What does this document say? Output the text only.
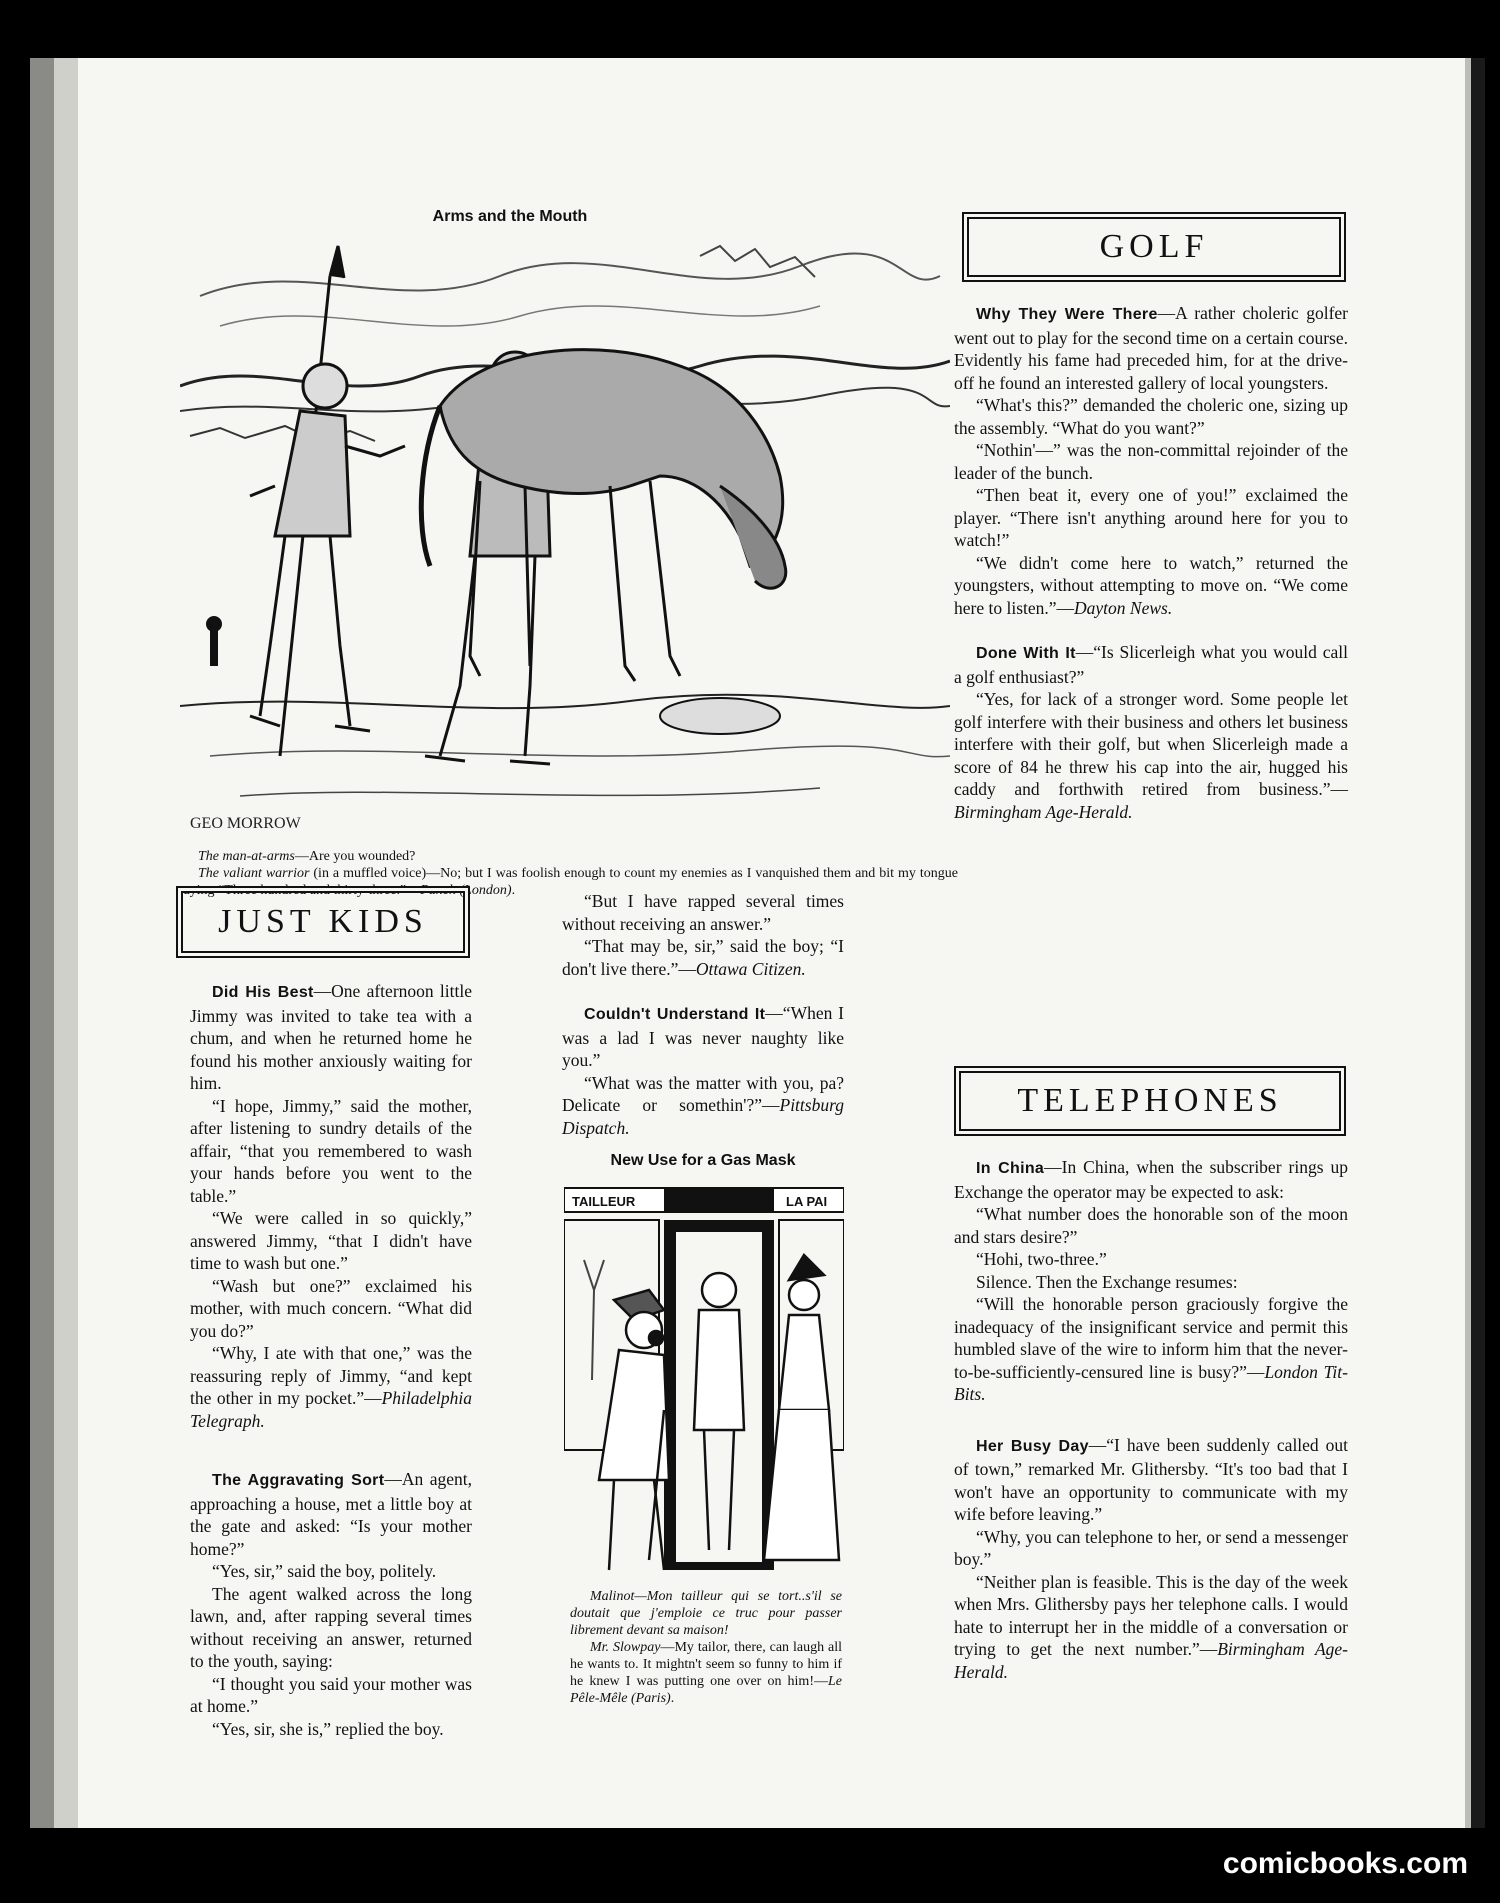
Arms and the Mouth
GEO MORROW

The man-at-arms—Are you wounded?

The valiant warrior (in a muffled voice)—No; but I was foolish enough to count my enemies as I vanquished them and bit my tongue saying “Three hundred and thirty-three.”—Punch (London).

JUST KIDS

Did His Best—One afternoon little Jimmy was invited to take tea with a chum, and when he returned home he found his mother anxiously waiting for him.

“I hope, Jimmy,” said the mother, after listening to sundry details of the affair, “that you remembered to wash your hands before you went to the table.”

“We were called in so quickly,” answered Jimmy, “that I didn't have time to wash but one.”

“Wash but one?” exclaimed his mother, with much concern. “What did you do?”

“Why, I ate with that one,” was the reassuring reply of Jimmy, “and kept the other in my pocket.”—Philadelphia Telegraph.

The Aggravating Sort—An agent, approaching a house, met a little boy at the gate and asked: “Is your mother home?”

“Yes, sir,” said the boy, politely.

The agent walked across the long lawn, and, after rapping several times without receiving an answer, returned to the youth, saying:

“I thought you said your mother was at home.”

“Yes, sir, she is,” replied the boy.

“But I have rapped several times without receiving an answer.”

“That may be, sir,” said the boy; “I don't live there.”—Ottawa Citizen.

Couldn't Understand It—“When I was a lad I was never naughty like you.”

“What was the matter with you, pa? Delicate or somethin'?”—Pittsburg Dispatch.

New Use for a Gas Mask
TAILLEUR	LA PAI

Malinot—Mon tailleur qui se tort..s'il se doutait que j'emploie ce truc pour passer librement devant sa maison!

Mr. Slowpay—My tailor, there, can laugh all he wants to. It mightn't seem so funny to him if he knew I was putting one over on him!—Le Pêle-Mêle (Paris).

GOLF

Why They Were There—A rather choleric golfer went out to play for the second time on a certain course. Evidently his fame had preceded him, for at the drive-off he found an interested gallery of local youngsters.

“What's this?” demanded the choleric one, sizing up the assembly. “What do you want?”

“Nothin'—” was the non-committal rejoinder of the leader of the bunch.

“Then beat it, every one of you!” exclaimed the player. “There isn't anything around here for you to watch!”

“We didn't come here to watch,” returned the youngsters, without attempting to move on. “We come here to listen.”—Dayton News.

Done With It—“Is Slicerleigh what you would call a golf enthusiast?”

“Yes, for lack of a stronger word. Some people let golf interfere with their business and others let business interfere with their golf, but when Slicerleigh made a score of 84 he threw his cap into the air, hugged his caddy and forthwith retired from business.”—Birmingham Age-Herald.

TELEPHONES

In China—In China, when the subscriber rings up Exchange the operator may be expected to ask:

“What number does the honorable son of the moon and stars desire?”

“Hohi, two-three.”

Silence. Then the Exchange resumes:

“Will the honorable person graciously forgive the inadequacy of the insignificant service and permit this humbled slave of the wire to inform him that the never-to-be-sufficiently-censured line is busy?”—London Tit-Bits.

Her Busy Day—“I have been suddenly called out of town,” remarked Mr. Glithersby. “It's too bad that I won't have an opportunity to communicate with my wife before leaving.”

“Why, you can telephone to her, or send a messenger boy.”

“Neither plan is feasible. This is the day of the week when Mrs. Glithersby pays her telephone calls. I would hate to interrupt her in the middle of a conversation or trying to get the next number.”—Birmingham Age-Herald.

comicbooks.com
